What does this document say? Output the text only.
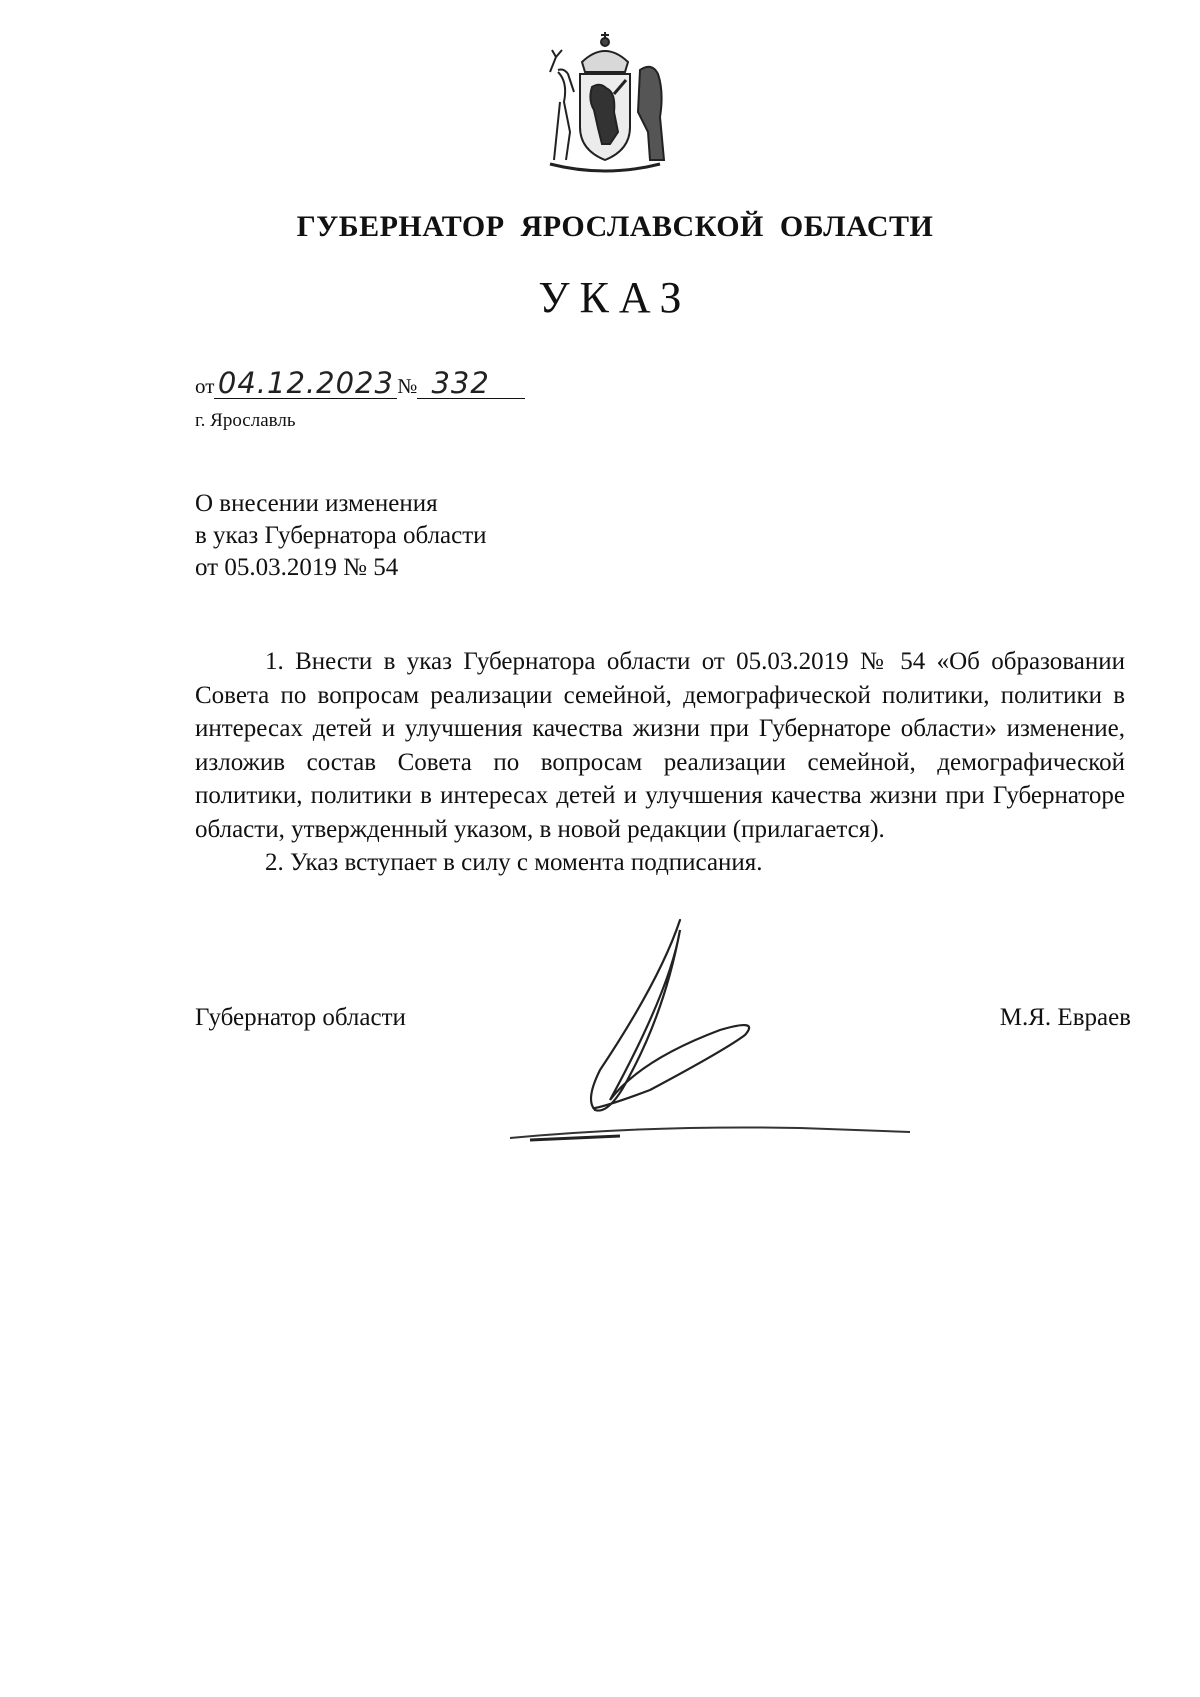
ГУБЕРНАТОР ЯРОСЛАВСКОЙ ОБЛАСТИ
УКАЗ
от 04.12.2023 № 332
г. Ярославль
О внесении изменения
в указ Губернатора области
от 05.03.2019 № 54

1. Внести в указ Губернатора области от 05.03.2019 № 54 «Об образовании Совета по вопросам реализации семейной, демографической политики, политики в интересах детей и улучшения качества жизни при Губернаторе области» изменение, изложив состав Совета по вопросам реализации семейной, демографической политики, политики в интересах детей и улучшения качества жизни при Губернаторе области, утвержденный указом, в новой редакции (прилагается).

2. Указ вступает в силу с момента подписания.

Губернатор области	М.Я. Евраев
